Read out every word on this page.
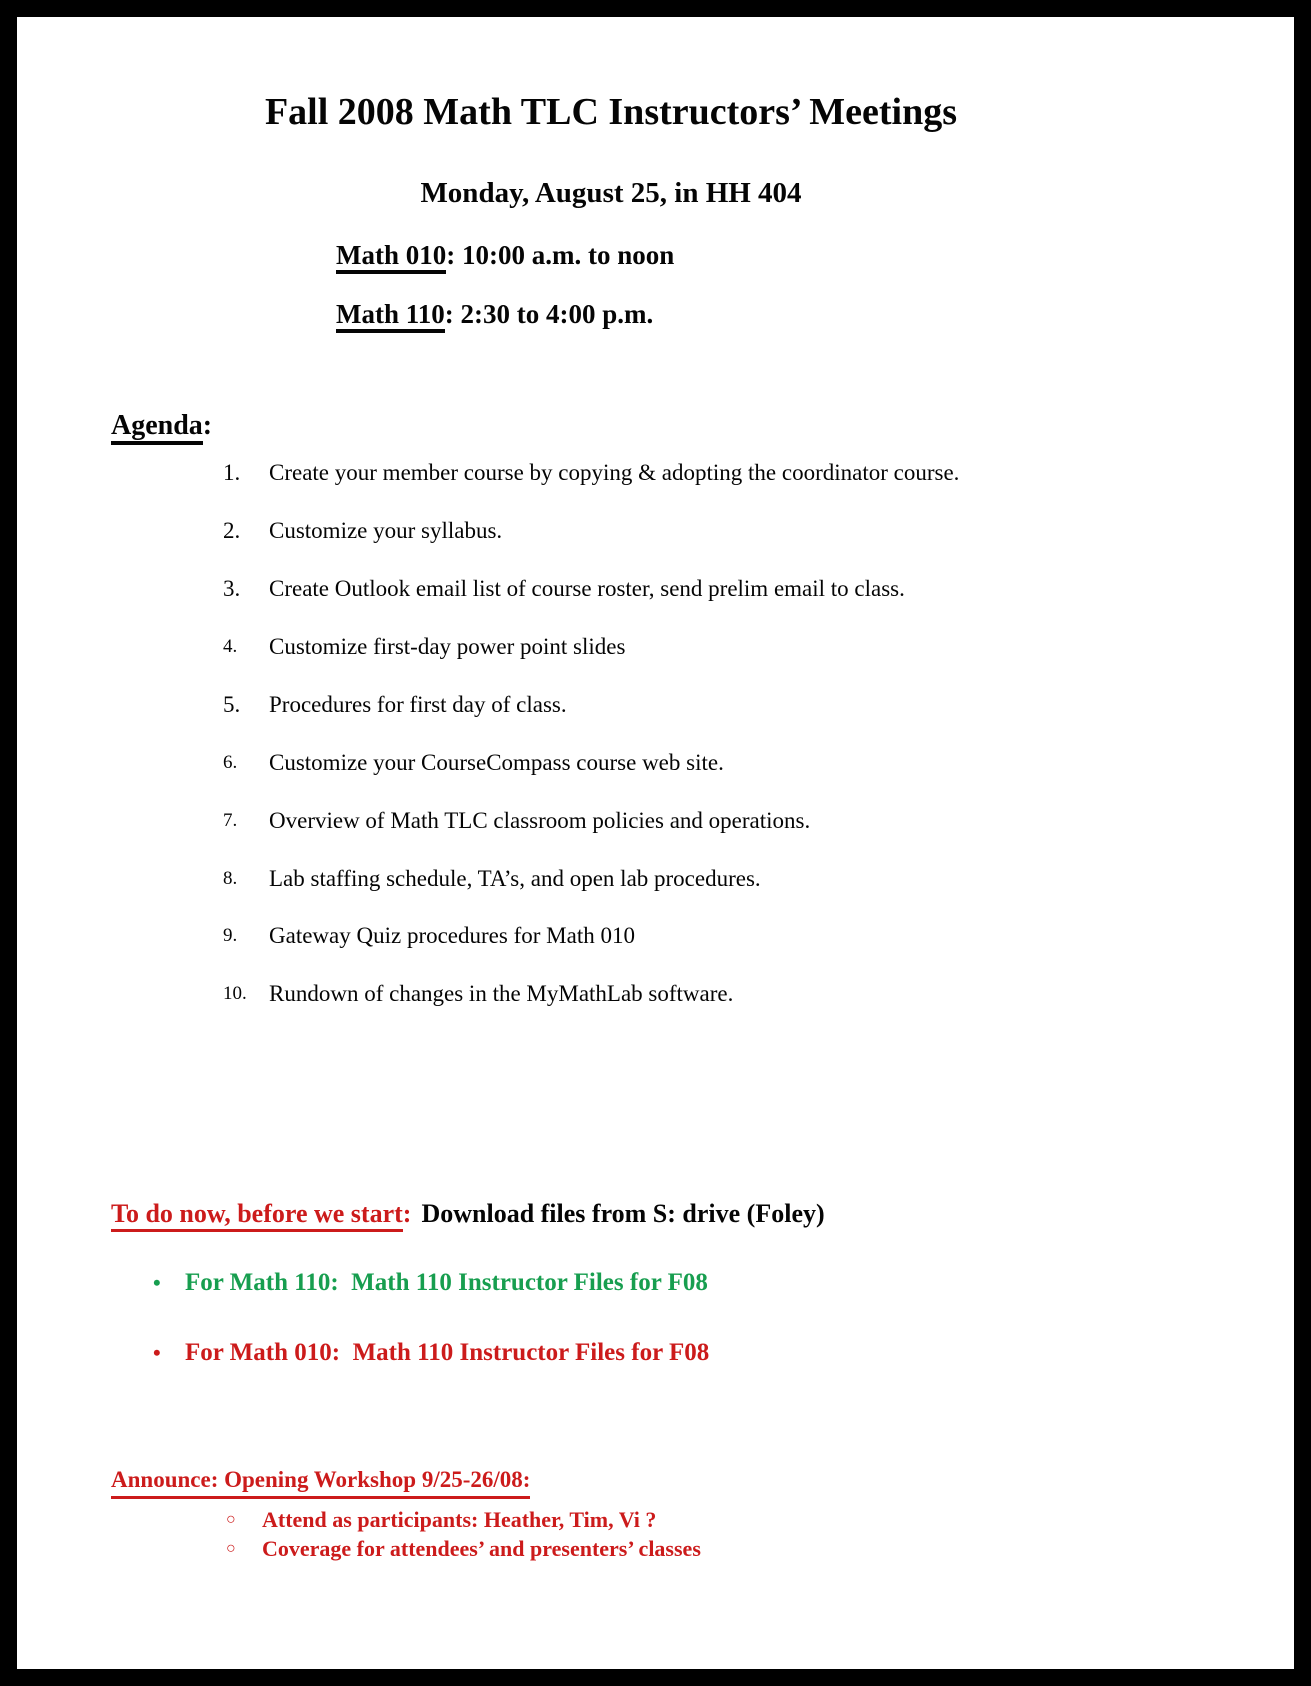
Fall 2008 Math TLC Instructors’ Meetings
Monday, August 25, in HH 404

Math 010: 10:00 a.m. to noon

Math 110: 2:30 to 4:00 p.m.

Agenda:

1.	Create your member course by copying & adopting the coordinator course.
2.	Customize your syllabus.
3.	Create Outlook email list of course roster, send prelim email to class.
4.	Customize first-day power point slides
5.	Procedures for first day of class.
6.	Customize your CourseCompass course web site.
7.	Overview of Math TLC classroom policies and operations.
8.	Lab staffing schedule, TA’s, and open lab procedures.
9.	Gateway Quiz procedures for Math 010
10. Rundown of changes in the MyMathLab software.

To do now, before we start: Download files from S: drive (Foley)

• For Math 110:  Math 110 Instructor Files for F08
• For Math 010:  Math 110 Instructor Files for F08

Announce: Opening Workshop 9/25-26/08:

○	Attend as participants: Heather, Tim, Vi ?
○	Coverage for attendees’ and presenters’ classes
